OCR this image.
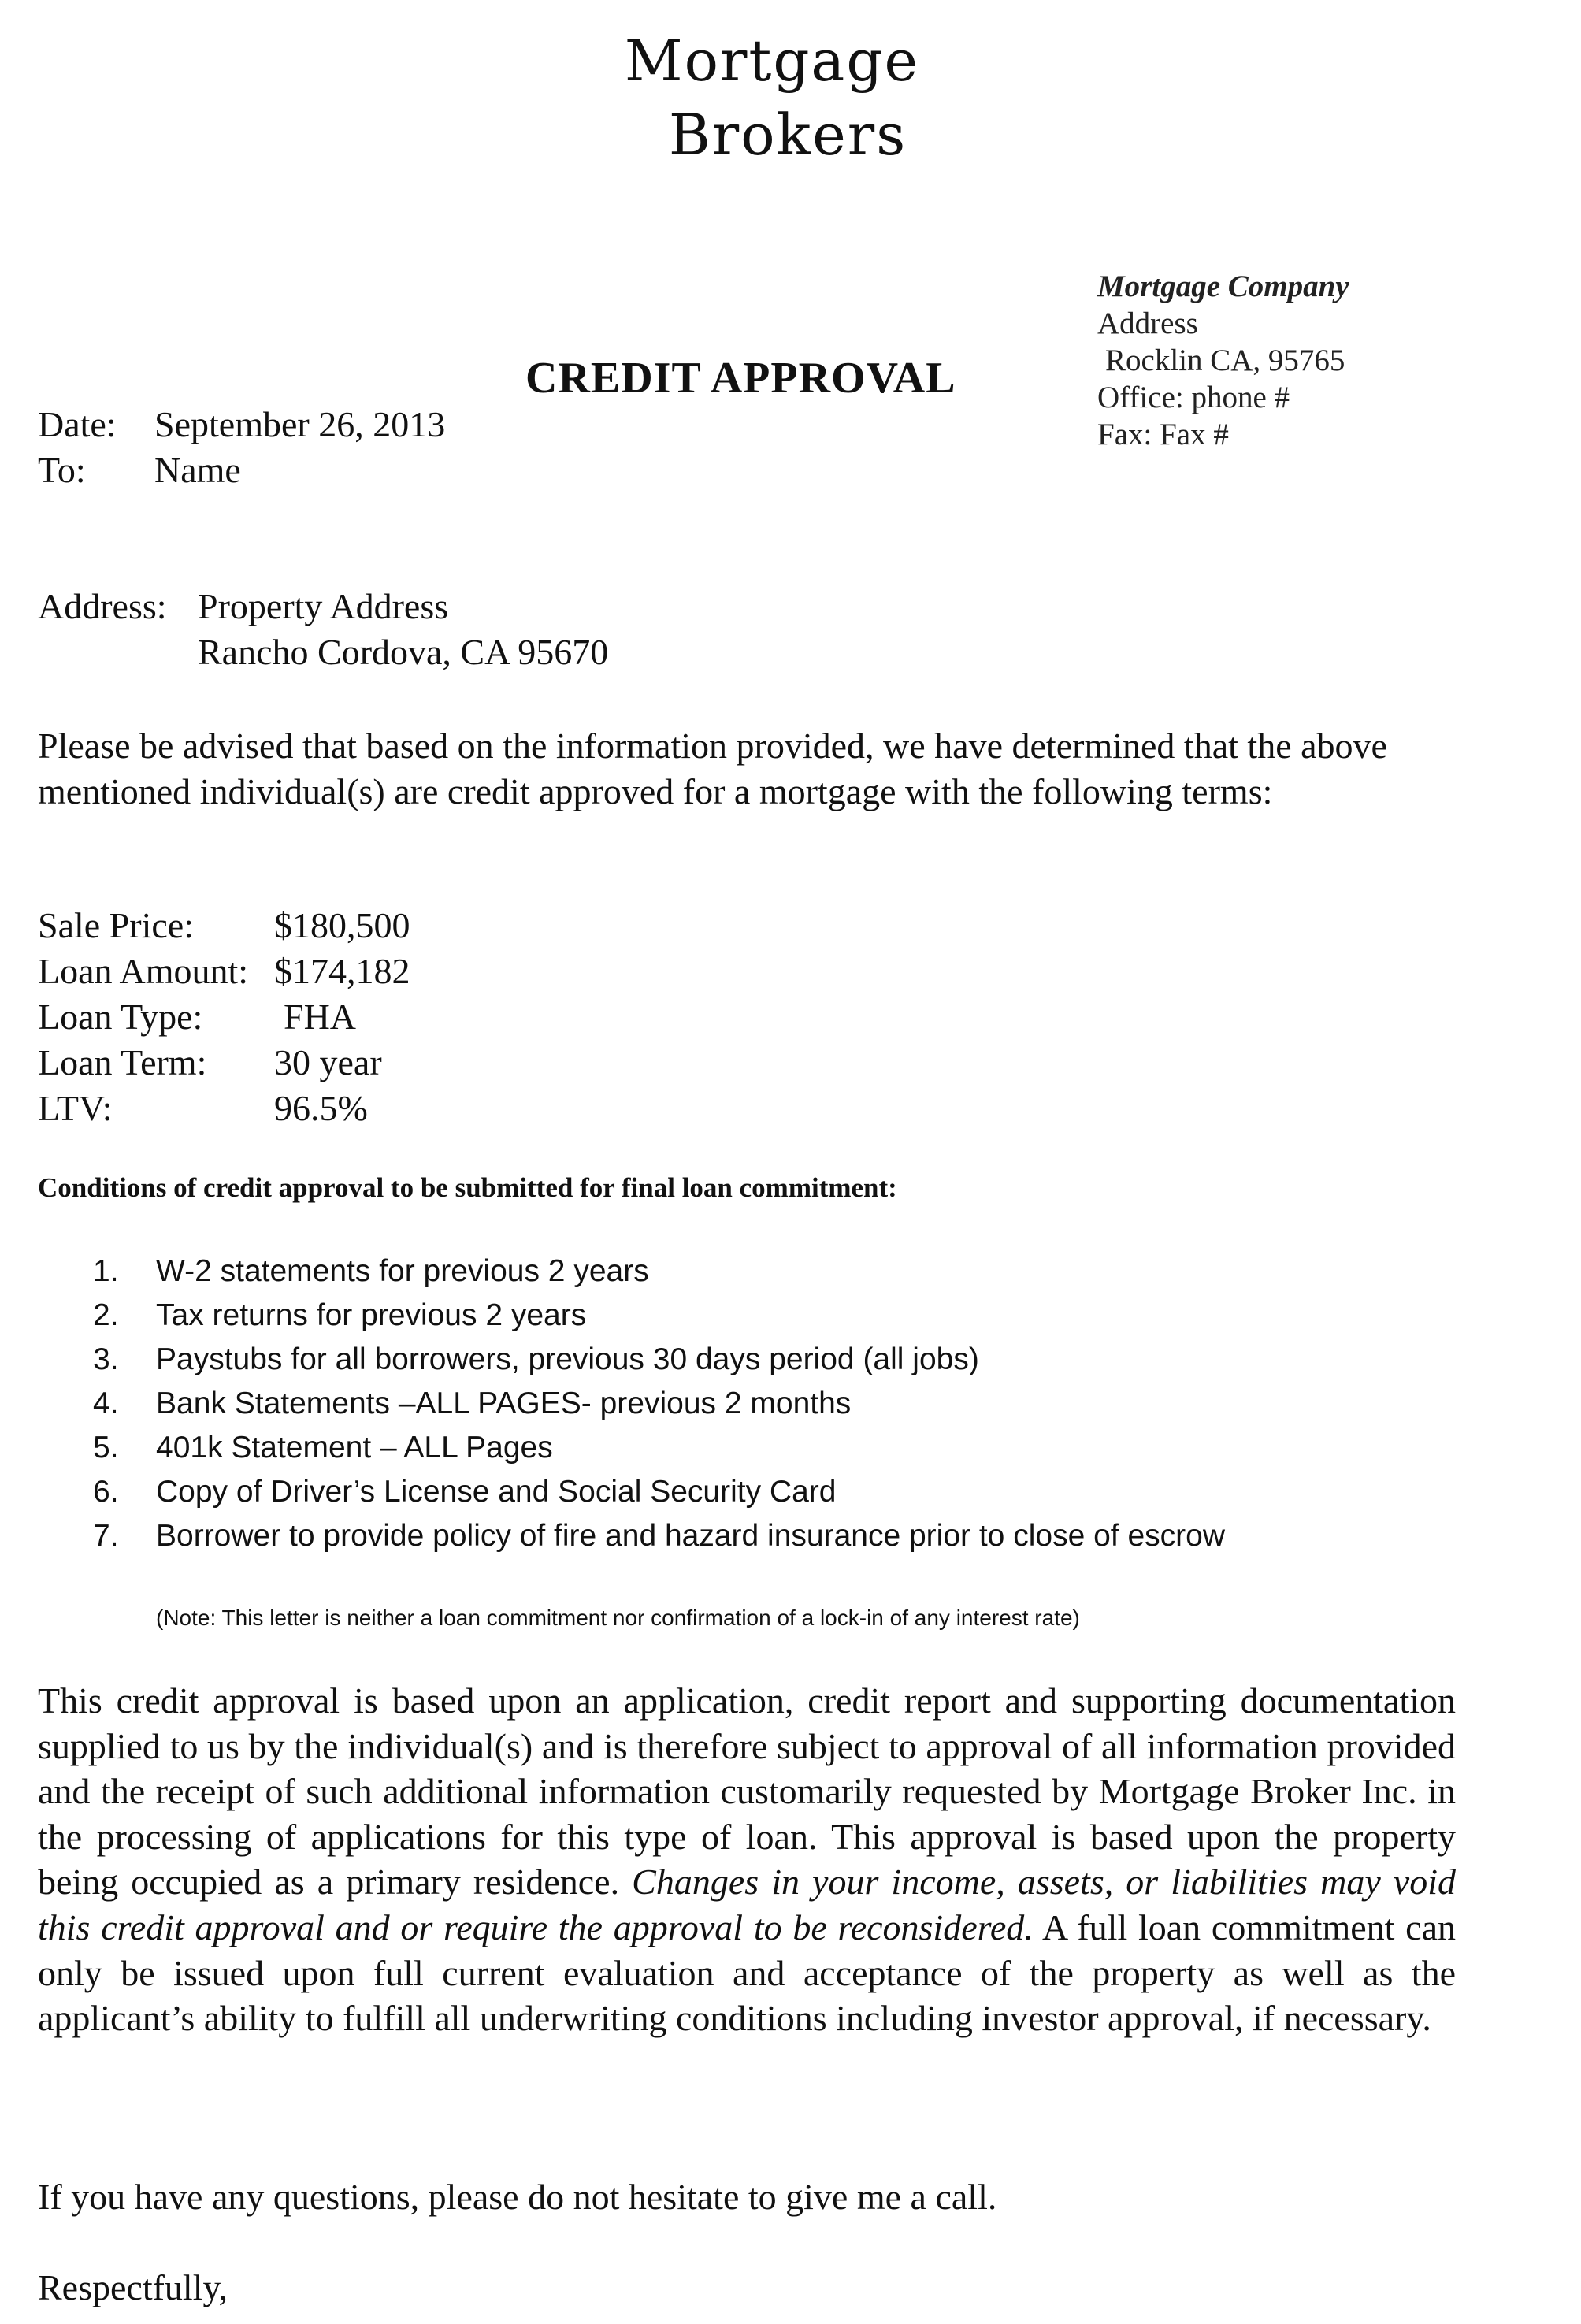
Mortgage
Brokers
Mortgage Company
Address
Rocklin CA, 95765
Office: phone #
Fax: Fax #
CREDIT APPROVAL
Date: September 26, 2013
To: Name
Address: Property Address
Rancho Cordova, CA 95670
Please be advised that based on the information provided, we have determined that the above mentioned individual(s) are credit approved for a mortgage with the following terms:
Sale Price: $180,500
Loan Amount: $174,182
Loan Type: FHA
Loan Term: 30 year
LTV:	96.5%
Conditions of credit approval to be submitted for final loan commitment:
1. W-2 statements for previous 2 years
2. Tax returns for previous 2 years
3. Paystubs for all borrowers, previous 30 days period (all jobs)
4. Bank Statements –ALL PAGES- previous 2 months
5. 401k Statement – ALL Pages
6. Copy of Driver’s License and Social Security Card
7. Borrower to provide policy of fire and hazard insurance prior to close of escrow
(Note: This letter is neither a loan commitment nor confirmation of a lock-in of any interest rate)
This credit approval is based upon an application, credit report and supporting documentation supplied to us by the individual(s) and is therefore subject to approval of all information provided and the receipt of such additional information customarily requested by Mortgage Broker Inc. in the processing of applications for this type of loan. This approval is based upon the property being occupied as a primary residence. Changes in your income, assets, or liabilities may void this credit approval and or require the approval to be reconsidered. A full loan commitment can only be issued upon full current evaluation and acceptance of the property as well as the applicant’s ability to fulfill all underwriting conditions including investor approval, if necessary.
If you have any questions, please do not hesitate to give me a call.
Respectfully,
